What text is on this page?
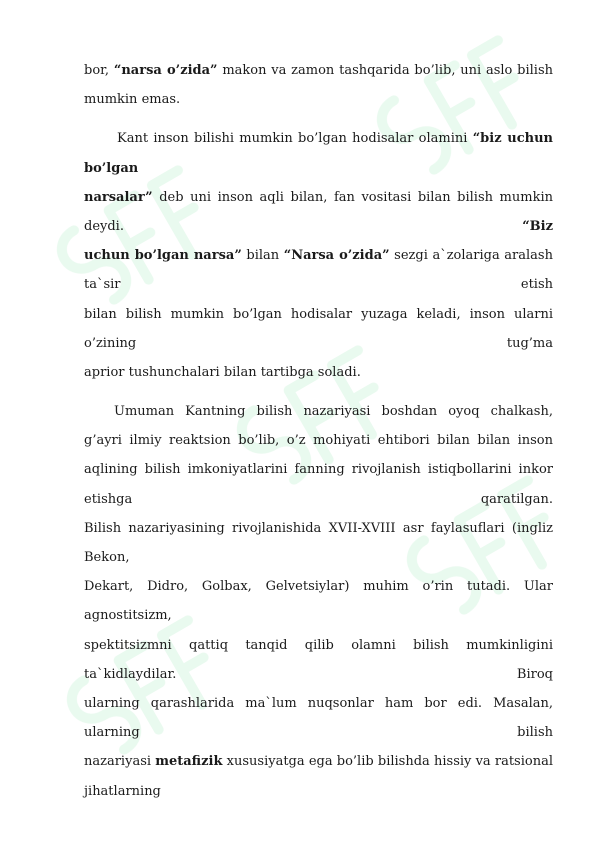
bor, “narsa o’zida” makon va zamon tashqarida bo’lib, uni aslo bilish
mumkin emas.
Kant inson bilishi mumkin bo’lgan hodisalar olamini “biz uchun
bo’lgan
narsalar” deb uni inson aqli bilan, fan vositasi bilan bilish mumkin
deydi.	“Biz
uchun bo’lgan narsa” bilan “Narsa o’zida” sezgi a`zolariga aralash
ta`sir	etish
bilan bilish mumkin bo’lgan hodisalar yuzaga keladi, inson ularni
o’zining	tug’ma
aprior tushunchalari bilan tartibga soladi.
Umuman Kantning bilish nazariyasi boshdan oyoq chalkash,
g’ayri ilmiy reaktsion bo’lib, o’z mohiyati ehtibori bilan bilan inson
aqlining bilish imkoniyatlarini fanning rivojlanish istiqbollarini inkor
etishga	qaratilgan.
Bilish nazariyasining rivojlanishida XVII-XVIII asr faylasuflari (ingliz
Bekon,
Dekart, Didro, Golbax, Gelvetsiylar) muhim o’rin tutadi. Ular
agnostitsizm,
spektitsizmni qattiq tanqid qilib olamni bilish mumkinligini
ta`kidlaydilar.	Biroq
ularning qarashlarida ma`lum nuqsonlar ham bor edi. Masalan,
ularning	bilish
nazariyasi metafizik xususiyatga ega bo’lib bilishda hissiy va ratsional
jihatlarning
